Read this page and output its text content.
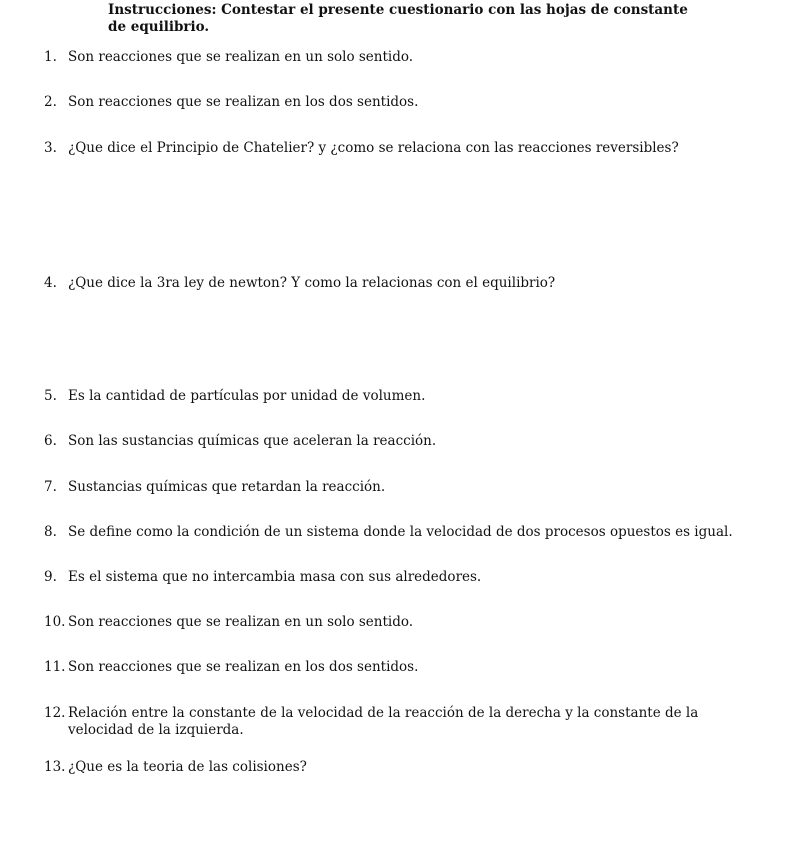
Instrucciones: Contestar el presente cuestionario con las hojas de constante de equilibrio.
1. Son reacciones que se realizan en un solo sentido.
2. Son reacciones que se realizan en los dos sentidos.
3. ¿Que dice el Principio de Chatelier? y ¿como se relaciona con las reacciones reversibles?
4. ¿Que dice la 3ra ley de newton? Y como la relacionas con el equilibrio?
5. Es la cantidad de partículas por unidad de volumen.
6. Son las sustancias químicas que aceleran la reacción.
7. Sustancias químicas que retardan la reacción.
8. Se define como la condición de un sistema donde la velocidad de dos procesos opuestos es igual.
9. Es el sistema que no intercambia masa con sus alrededores.
10. Son reacciones que se realizan en un solo sentido.
11. Son reacciones que se realizan en los dos sentidos.
12. Relación entre la constante de la velocidad de la reacción de la derecha y la constante de la velocidad de la izquierda.
13. ¿Que es la teoria de las colisiones?
